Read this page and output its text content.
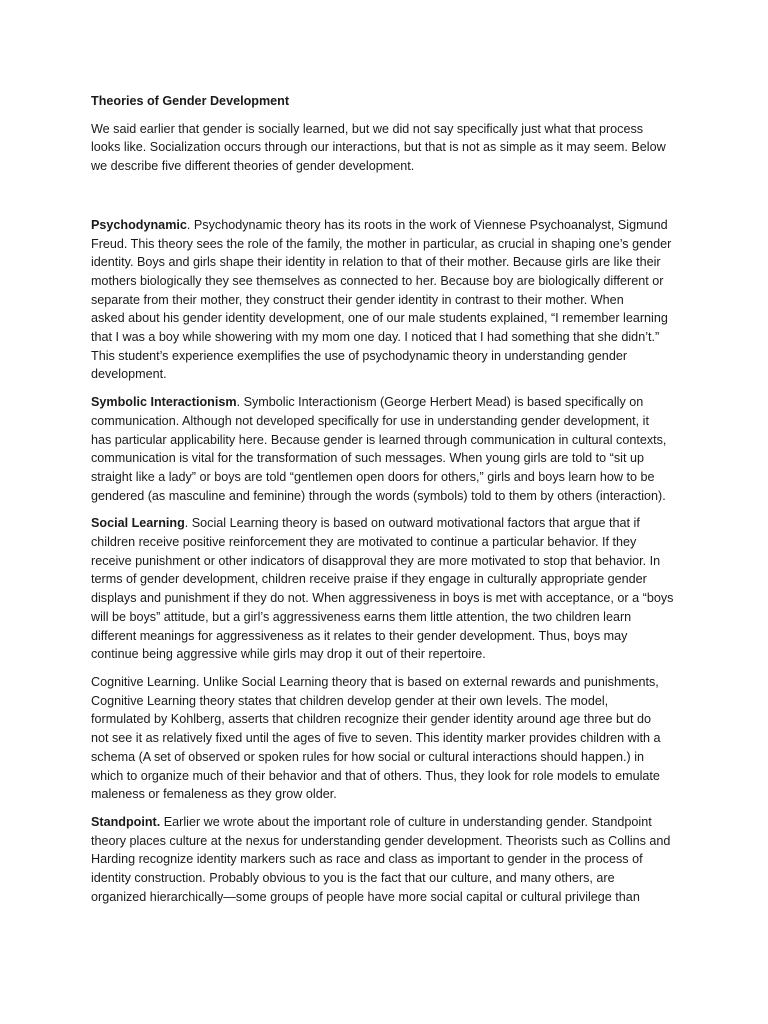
Theories of Gender Development

We said earlier that gender is socially learned, but we did not say specifically just what that process
looks like. Socialization occurs through our interactions, but that is not as simple as it may seem. Below
we describe five different theories of gender development.

Psychodynamic. Psychodynamic theory has its roots in the work of Viennese Psychoanalyst, Sigmund
Freud. This theory sees the role of the family, the mother in particular, as crucial in shaping one’s gender
identity. Boys and girls shape their identity in relation to that of their mother. Because girls are like their
mothers biologically they see themselves as connected to her. Because boy are biologically different or
separate from their mother, they construct their gender identity in contrast to their mother. When
asked about his gender identity development, one of our male students explained, “I remember learning
that I was a boy while showering with my mom one day. I noticed that I had something that she didn’t.”
This student’s experience exemplifies the use of psychodynamic theory in understanding gender
development.

Symbolic Interactionism. Symbolic Interactionism (George Herbert Mead) is based specifically on
communication. Although not developed specifically for use in understanding gender development, it
has particular applicability here. Because gender is learned through communication in cultural contexts,
communication is vital for the transformation of such messages. When young girls are told to “sit up
straight like a lady” or boys are told “gentlemen open doors for others,” girls and boys learn how to be
gendered (as masculine and feminine) through the words (symbols) told to them by others (interaction).

Social Learning. Social Learning theory is based on outward motivational factors that argue that if
children receive positive reinforcement they are motivated to continue a particular behavior. If they
receive punishment or other indicators of disapproval they are more motivated to stop that behavior. In
terms of gender development, children receive praise if they engage in culturally appropriate gender
displays and punishment if they do not. When aggressiveness in boys is met with acceptance, or a “boys
will be boys” attitude, but a girl’s aggressiveness earns them little attention, the two children learn
different meanings for aggressiveness as it relates to their gender development. Thus, boys may
continue being aggressive while girls may drop it out of their repertoire.

Cognitive Learning. Unlike Social Learning theory that is based on external rewards and punishments,
Cognitive Learning theory states that children develop gender at their own levels. The model,
formulated by Kohlberg, asserts that children recognize their gender identity around age three but do
not see it as relatively fixed until the ages of five to seven. This identity marker provides children with a
schema (A set of observed or spoken rules for how social or cultural interactions should happen.) in
which to organize much of their behavior and that of others. Thus, they look for role models to emulate
maleness or femaleness as they grow older.

Standpoint. Earlier we wrote about the important role of culture in understanding gender. Standpoint
theory places culture at the nexus for understanding gender development. Theorists such as Collins and
Harding recognize identity markers such as race and class as important to gender in the process of
identity construction. Probably obvious to you is the fact that our culture, and many others, are
organized hierarchically—some groups of people have more social capital or cultural privilege than
